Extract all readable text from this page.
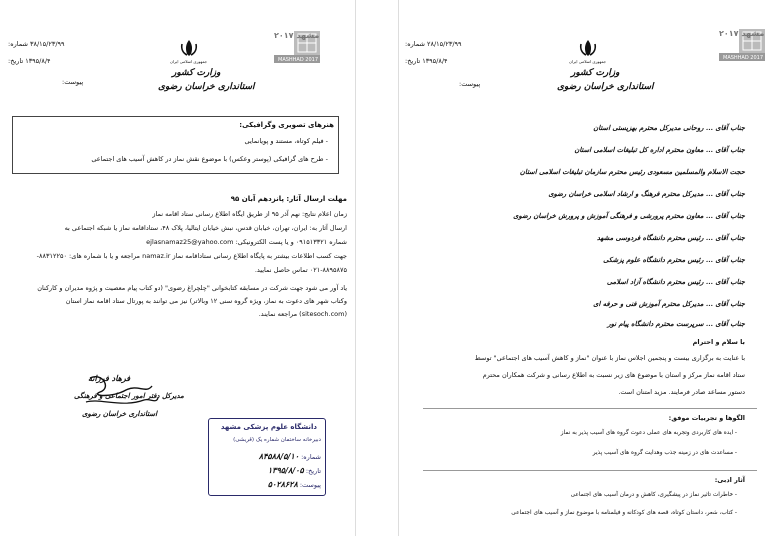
۳۸/۱۵/۲۳/۹۹ شماره:
۱۳۹۵/۸/۴ تاریخ:
پیوست:
جمهوری اسلامی ایران
وزارت کشور
استانداری خراسان رضوی
مشهد ۲۰۱۷
MASHHAD 2017
هنرهای تصویری وگرافیکی:
- فیلم کوتاه، مستند و پویانمایی
- طرح های گرافیکی (پوستر وعکس) با موضوع نقش نماز در کاهش آسیب های اجتماعی
مهلت ارسال آثار: پانزدهم آبان ۹۵
زمان اعلام نتایج: نهم آذر ۹۵ از طریق ایگاه اطلاع رسانی ستاد اقامه نماز
ارسال آثار به: ایران، تهران، خیابان قدس، نبش خیابان ایتالیا، پلاک ۴۸، ستاداقامه نماز یا شبکه اجتماعی به
شماره ۰۹۱۵۱۳۳۲۱ و یا پست الکترونیکی: ejlasnamaz25@yahoo.com
جهت کسب اطلاعات بیشتر به پایگاه اطلاع رسانی ستاداقامه نماز namaz.ir مراجعه و یا با شماره های: ۸۸۳۱۲۲۵۰-
۰۲۱-۸۸۹۵۸۷۵ تماس حاصل نمایید.
یاد آور می شود جهت شرکت در مسابقه کتابخوانی "چلچراغ رضوی" (دو کتاب پیام معصیت و پژوه مدیران و کارکنان
وکتاب شهر های دعوت به نماز، ویژه گروه سنی ۱۲ وبالاتر) نیز می توانند به پورتال ستاد اقامه نماز استان
(sitesoch.com) مراجعه نمایند.
فرهاد فرزانه
مدیرکل دفتر امور اجتماعی و فرهنگی
استانداری خراسان رضوی
دانشگاه علوم پزشکی مشهد
دبیرخانه ساختمان شماره یک (قریشی)
شماره: ۸۴۵۸۸/۵/۱۰
تاریخ: ۱۳۹۵/۸/۰۵
پیوست: ۵۰۲۸۶۲۸
۲۸/۱۵/۲۳/۹۹ شماره:
۱۳۹۵/۸/۴ تاریخ:
پیوست:
جمهوری اسلامی ایران
وزارت کشور
استانداری خراسان رضوی
مشهد ۲۰۱۷
MASHHAD 2017
جناب آقای ... روحانی مدیرکل محترم بهزیستی استان
جناب آقای ... معاون محترم اداره کل تبلیغات اسلامی استان
حجت الاسلام والمسلمین مسعودی رئیس محترم سازمان تبلیغات اسلامی استان
جناب آقای ... مدیرکل محترم فرهنگ و ارشاد اسلامی خراسان رضوی
جناب آقای ... معاون محترم پرورشی و فرهنگی آموزش و پرورش خراسان رضوی
جناب آقای ... رئیس محترم دانشگاه فردوسی مشهد
جناب آقای ... رئیس محترم دانشگاه علوم پزشکی
جناب آقای ... رئیس محترم دانشگاه آزاد اسلامی
جناب آقای ... مدیرکل محترم آموزش فنی و حرفه ای
جناب آقای ... سرپرست محترم دانشگاه پیام نور
با سلام و احترام
با عنایت به برگزاری بیست و پنجمین اجلاس نماز با عنوان "نماز و کاهش آسیب های اجتماعی" توسط
ستاد اقامه نماز مرکز و استان با موضوع های زیر نسبت به اطلاع رسانی و شرکت همکاران محترم
دستور مساعد صادر فرمایند. مزید امتنان است.
الگوها و تجربیات موفق:
- ایده های کاربردی وتجربه های عملی دعوت گروه های آسیب پذیر به نماز
- مساعدت های در زمینه جذب وهدایت گروه های آسیب پذیر
آثار ادبی:
- خاطرات تاثیر نماز در پیشگیری، کاهش و درمان آسیب های اجتماعی
- کتاب، شعر، داستان کوتاه، قصه های کودکانه و فیلمنامه با موضوع نماز و آسیب های اجتماعی
